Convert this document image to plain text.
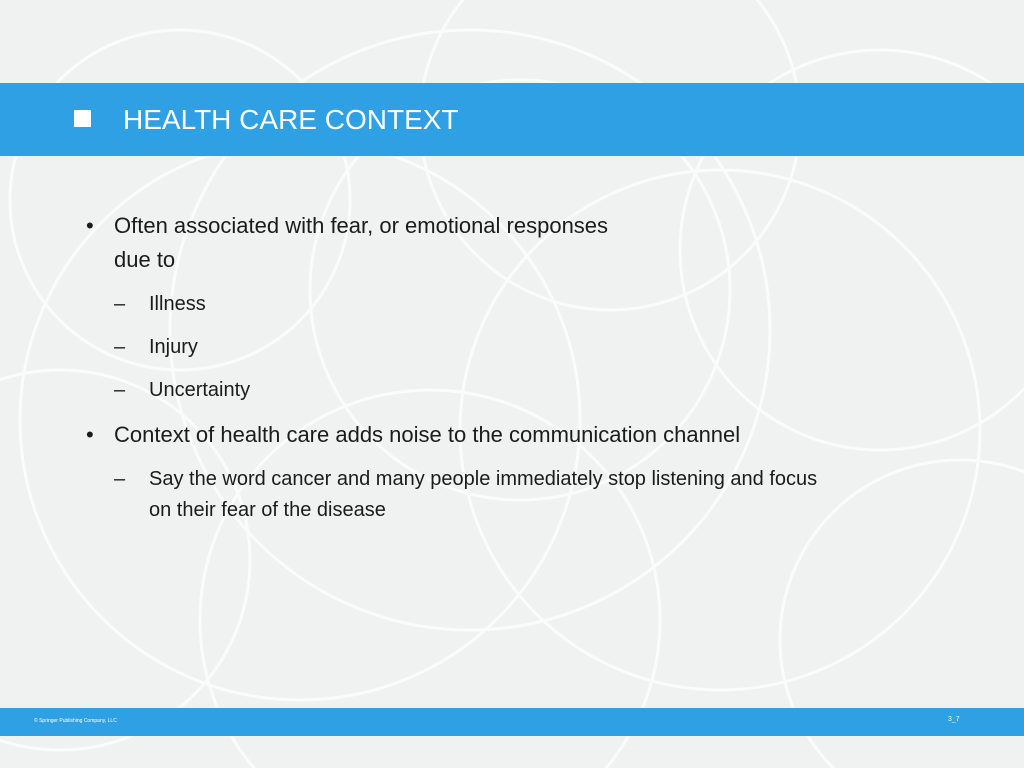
HEALTH CARE CONTEXT
• Often associated with fear, or emotional responses
due to
– Illness
– Injury
– Uncertainty
• Context of health care adds noise to the communication channel
– Say the word cancer and many people immediately stop listening and focus
on their fear of the disease
© Springer Publishing Company, LLC	3_7
